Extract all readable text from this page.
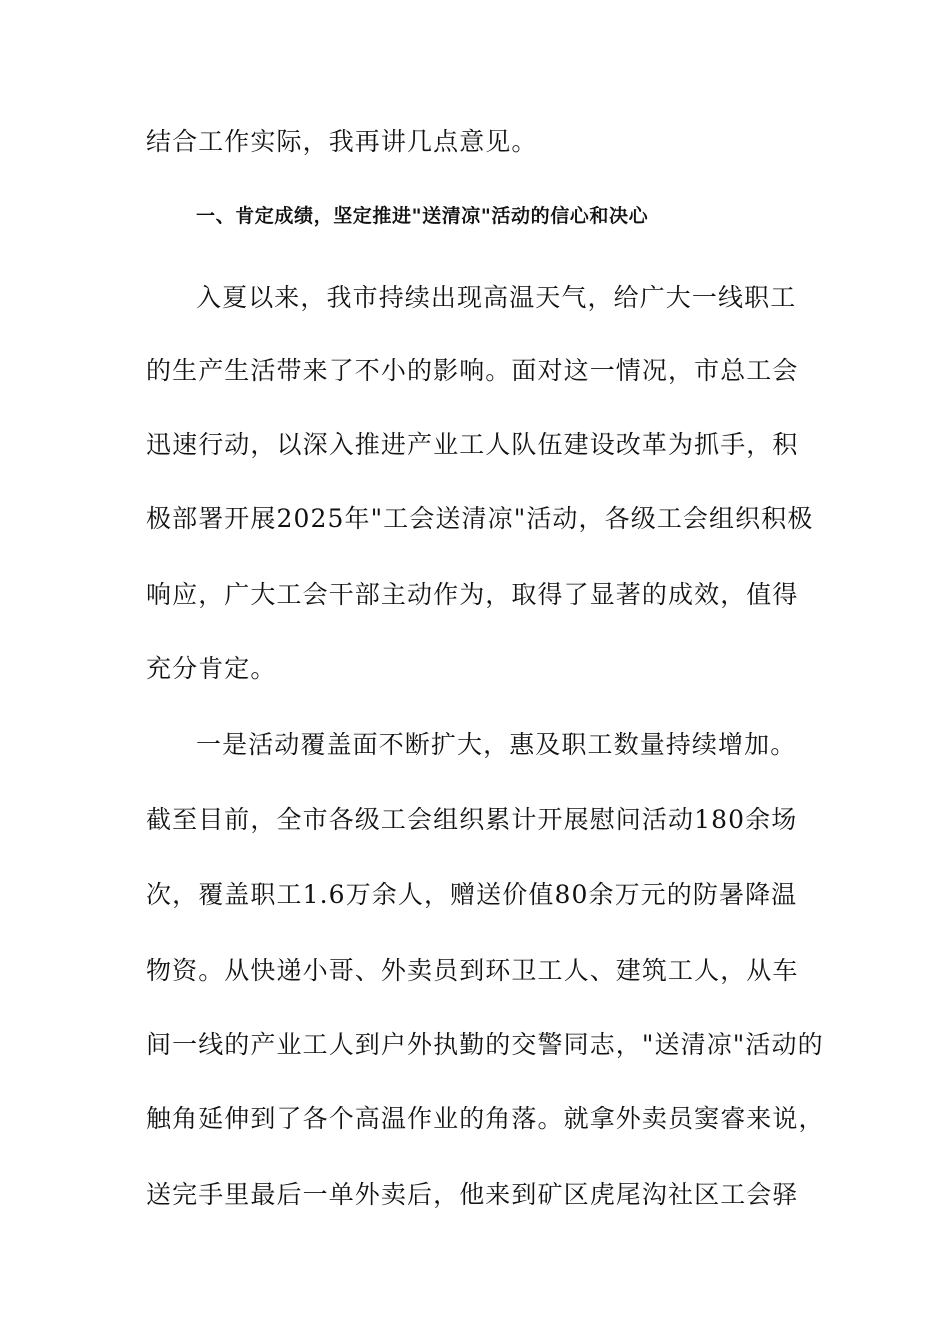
结合工作实际，我再讲几点意见。
一、肯定成绩，坚定推进"送清凉"活动的信心和决心
入夏以来，我市持续出现高温天气，给广大一线职工
的生产生活带来了不小的影响。面对这一情况，市总工会
迅速行动，以深入推进产业工人队伍建设改革为抓手，积
极部署开展2025年"工会送清凉"活动，各级工会组织积极
响应，广大工会干部主动作为，取得了显著的成效，值得
充分肯定。
一是活动覆盖面不断扩大，惠及职工数量持续增加。
截至目前，全市各级工会组织累计开展慰问活动180余场
次，覆盖职工1.6万余人，赠送价值80余万元的防暑降温
物资。从快递小哥、外卖员到环卫工人、建筑工人，从车
间一线的产业工人到户外执勤的交警同志，"送清凉"活动的
触角延伸到了各个高温作业的角落。就拿外卖员窦睿来说，
送完手里最后一单外卖后，他来到矿区虎尾沟社区工会驿
